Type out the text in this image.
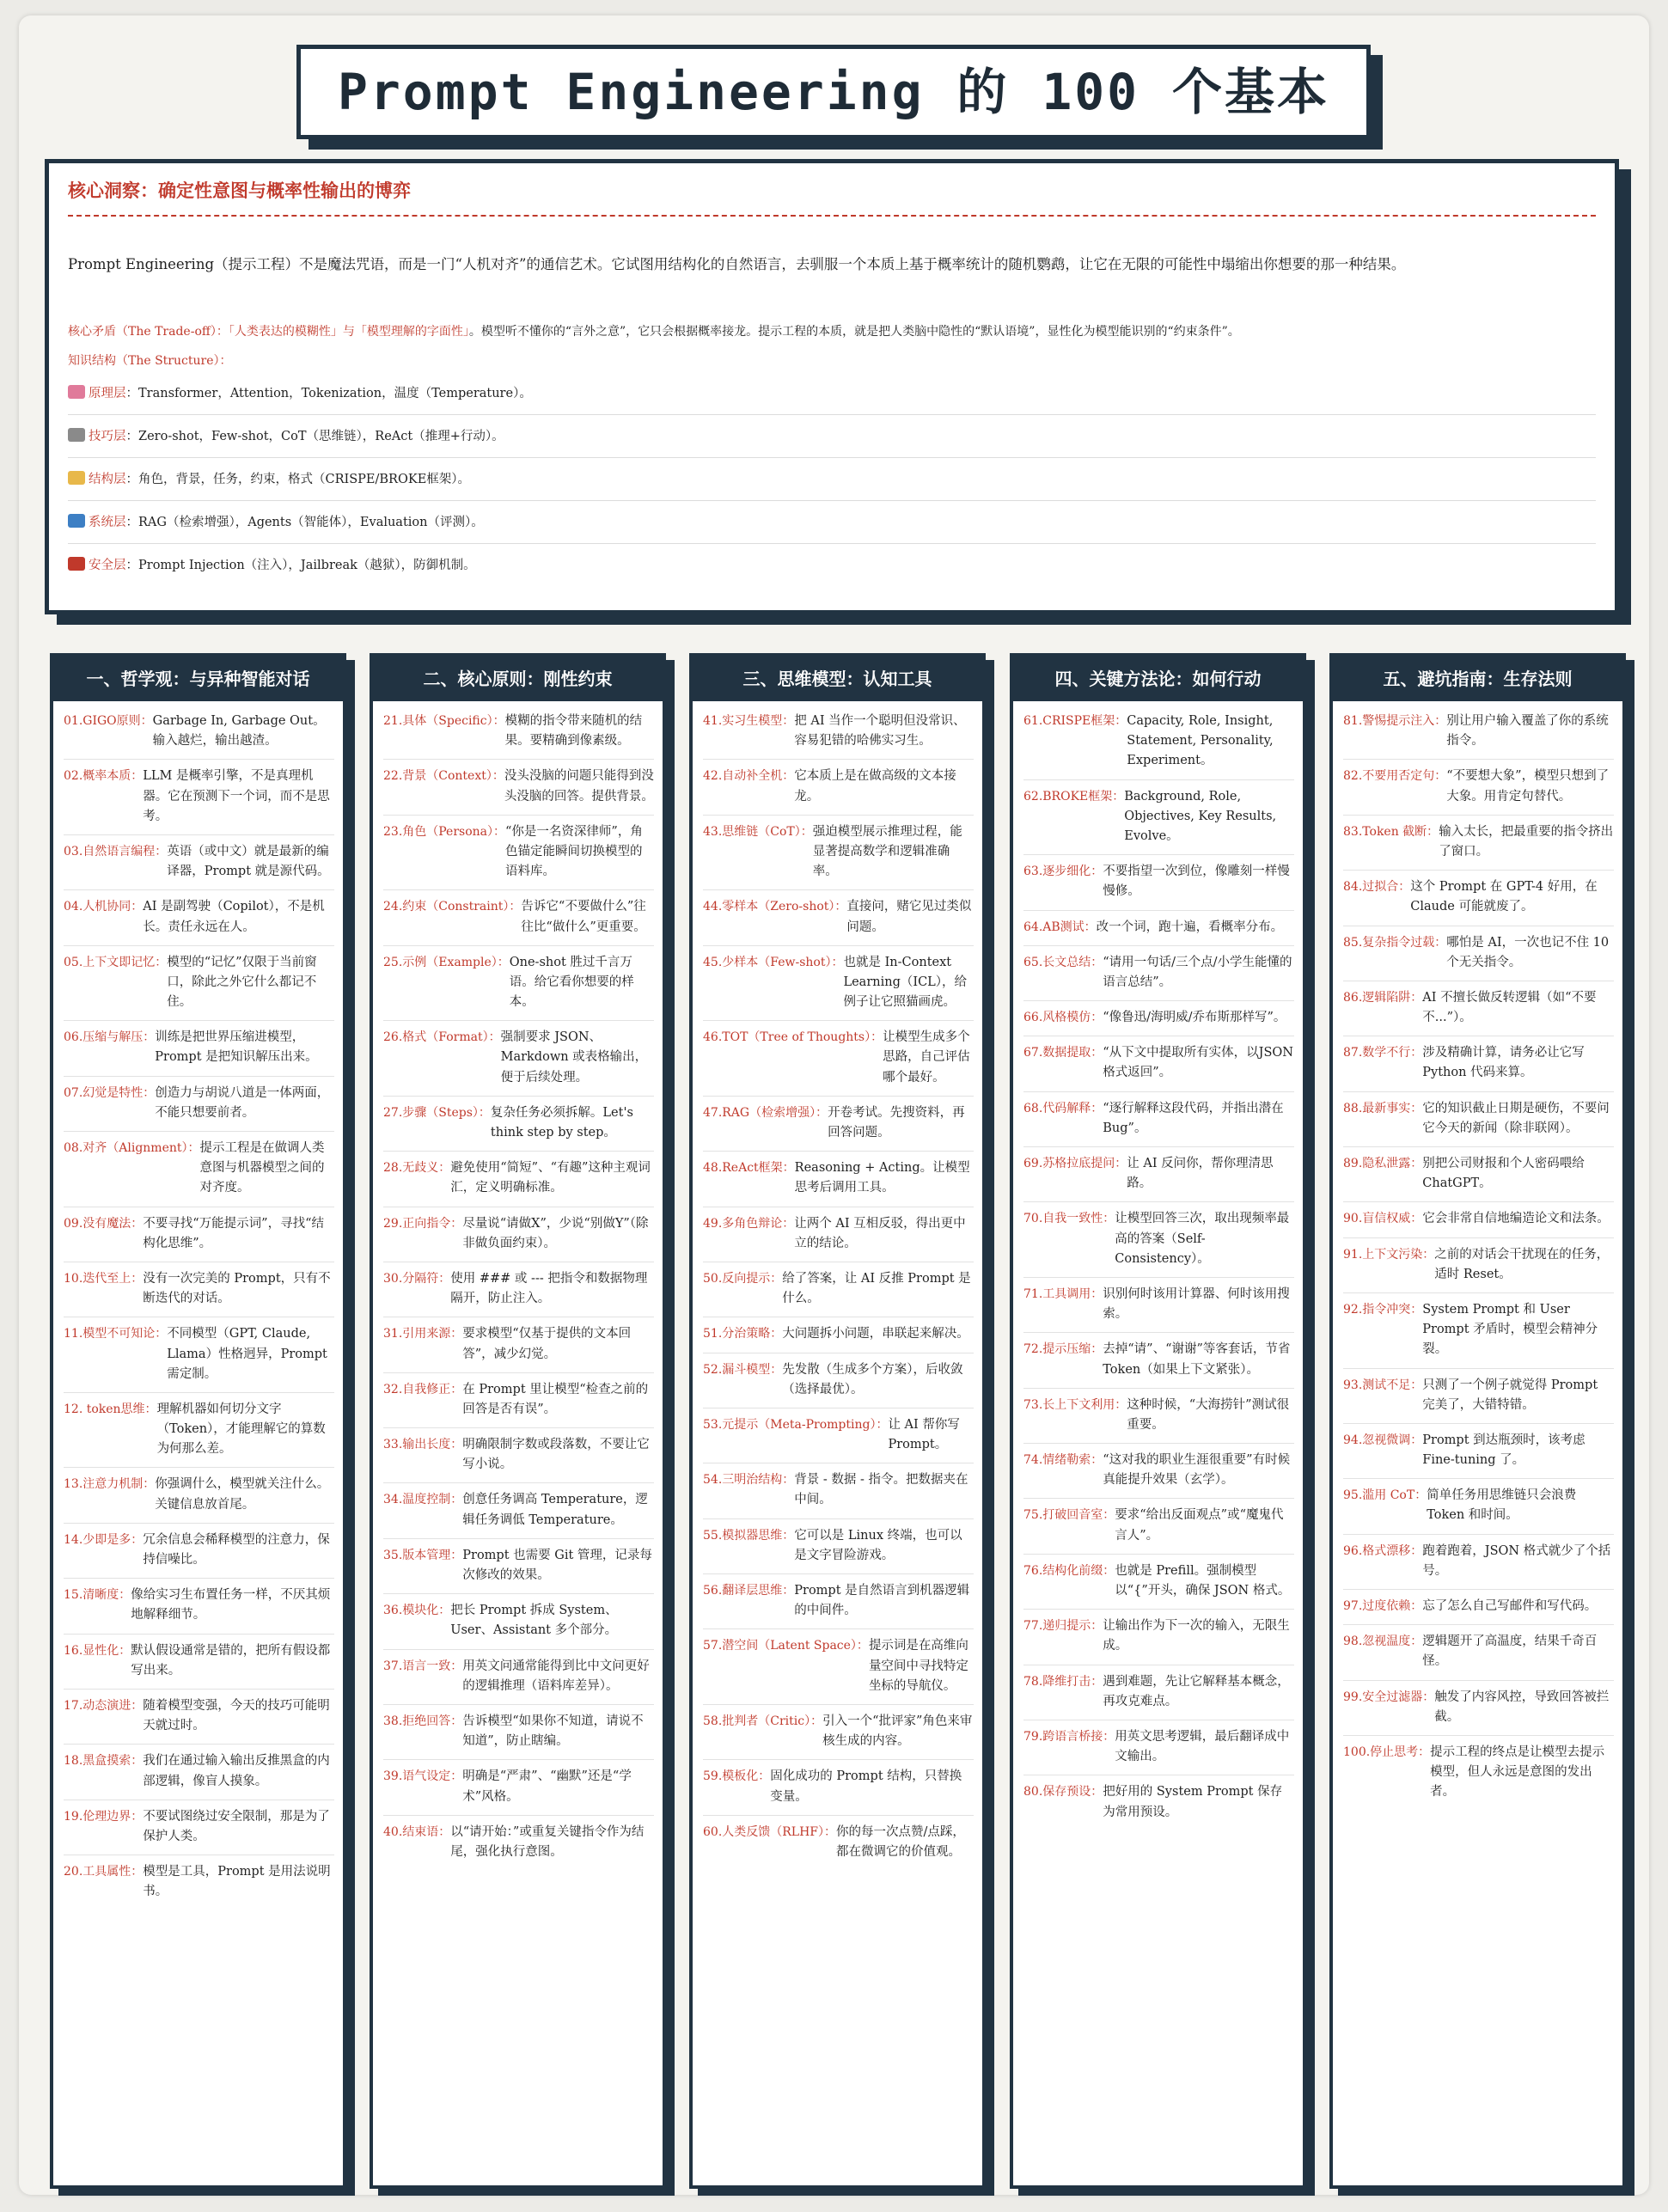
Prompt Engineering 的 100 个基本
核心洞察：确定性意图与概率性输出的博弈

Prompt Engineering（提示工程）不是魔法咒语，而是一门“人机对齐”的通信艺术。它试图用结构化的自然语言，去驯服一个本质上基于概率统计的随机鹦鹉，让它在无限的可能性中塌缩出你想要的那一种结果。

核心矛盾（The Trade-off）：「人类表达的模糊性」与「模型理解的字面性」。模型听不懂你的“言外之意”，它只会根据概率接龙。提示工程的本质，就是把人类脑中隐性的“默认语境”，显性化为模型能识别的“约束条件”。

知识结构（The Structure）：

原理层：Transformer，Attention，Tokenization，温度（Temperature）。
技巧层：Zero-shot，Few-shot，CoT（思维链），ReAct（推理+行动）。
结构层：角色，背景，任务，约束，格式（CRISPE/BROKE框架）。
系统层：RAG（检索增强），Agents（智能体），Evaluation（评测）。
安全层：Prompt Injection（注入），Jailbreak（越狱），防御机制。
一、哲学观：与异种智能对话
01.GIGO原则： Garbage In, Garbage Out。输入越烂，输出越渣。
02.概率本质： LLM 是概率引擎，不是真理机器。它在预测下一个词，而不是思考。
03.自然语言编程： 英语（或中文）就是最新的编译器，Prompt 就是源代码。
04.人机协同： AI 是副驾驶（Copilot），不是机长。责任永远在人。
05.上下文即记忆： 模型的“记忆”仅限于当前窗口，除此之外它什么都记不住。
06.压缩与解压： 训练是把世界压缩进模型，Prompt 是把知识解压出来。
07.幻觉是特性： 创造力与胡说八道是一体两面，不能只想要前者。
08.对齐（Alignment）： 提示工程是在做调人类意图与机器模型之间的对齐度。
09.没有魔法： 不要寻找“万能提示词”，寻找“结构化思维”。
10.迭代至上： 没有一次完美的 Prompt，只有不断迭代的对话。
11.模型不可知论： 不同模型（GPT, Claude, Llama）性格迥异，Prompt 需定制。
12. token思维： 理解机器如何切分文字（Token），才能理解它的算数为何那么差。
13.注意力机制： 你强调什么，模型就关注什么。关键信息放首尾。
14.少即是多： 冗余信息会稀释模型的注意力，保持信噪比。
15.清晰度： 像给实习生布置任务一样，不厌其烦地解释细节。
16.显性化： 默认假设通常是错的，把所有假设都写出来。
17.动态演进： 随着模型变强，今天的技巧可能明天就过时。
18.黑盒摸索： 我们在通过输入输出反推黑盒的内部逻辑，像盲人摸象。
19.伦理边界： 不要试图绕过安全限制，那是为了保护人类。
20.工具属性： 模型是工具，Prompt 是用法说明书。
二、核心原则：刚性约束
21.具体（Specific）： 模糊的指令带来随机的结果。要精确到像素级。
22.背景（Context）： 没头没脑的问题只能得到没头没脑的回答。提供背景。
23.角色（Persona）： “你是一名资深律师”，角色锚定能瞬间切换模型的语料库。
24.约束（Constraint）： 告诉它“不要做什么”往往比“做什么”更重要。
25.示例（Example）： One-shot 胜过千言万语。给它看你想要的样本。
26.格式（Format）： 强制要求 JSON、Markdown 或表格输出，便于后续处理。
27.步骤（Steps）： 复杂任务必须拆解。Let's think step by step。
28.无歧义： 避免使用“简短”、“有趣”这种主观词汇，定义明确标准。
29.正向指令： 尽量说“请做X”，少说“别做Y”（除非做负面约束）。
30.分隔符： 使用 ### 或 --- 把指令和数据物理隔开，防止注入。
31.引用来源： 要求模型“仅基于提供的文本回答”，减少幻觉。
32.自我修正： 在 Prompt 里让模型“检查之前的回答是否有误”。
33.输出长度： 明确限制字数或段落数，不要让它写小说。
34.温度控制： 创意任务调高 Temperature，逻辑任务调低 Temperature。
35.版本管理： Prompt 也需要 Git 管理，记录每次修改的效果。
36.模块化： 把长 Prompt 拆成 System、User、Assistant 多个部分。
37.语言一致： 用英文问通常能得到比中文问更好的逻辑推理（语料库差异）。
38.拒绝回答： 告诉模型“如果你不知道，请说不知道”，防止瞎编。
39.语气设定： 明确是“严肃”、“幽默”还是“学术”风格。
40.结束语： 以“请开始：”或重复关键指令作为结尾，强化执行意图。
三、思维模型：认知工具
41.实习生模型： 把 AI 当作一个聪明但没常识、容易犯错的哈佛实习生。
42.自动补全机： 它本质上是在做高级的文本接龙。
43.思维链（CoT）： 强迫模型展示推理过程，能显著提高数学和逻辑准确率。
44.零样本（Zero-shot）： 直接问，赌它见过类似问题。
45.少样本（Few-shot）： 也就是 In-Context Learning（ICL），给例子让它照猫画虎。
46.TOT（Tree of Thoughts）： 让模型生成多个思路，自己评估哪个最好。
47.RAG（检索增强）： 开卷考试。先搜资料，再回答问题。
48.ReAct框架： Reasoning + Acting。让模型思考后调用工具。
49.多角色辩论： 让两个 AI 互相反驳，得出更中立的结论。
50.反向提示： 给了答案，让 AI 反推 Prompt 是什么。
51.分治策略： 大问题拆小问题，串联起来解决。
52.漏斗模型： 先发散（生成多个方案），后收敛（选择最优）。
53.元提示（Meta-Prompting）： 让 AI 帮你写 Prompt。
54.三明治结构： 背景 - 数据 - 指令。把数据夹在中间。
55.模拟器思维： 它可以是 Linux 终端，也可以是文字冒险游戏。
56.翻译层思维： Prompt 是自然语言到机器逻辑的中间件。
57.潜空间（Latent Space）： 提示词是在高维向量空间中寻找特定坐标的导航仪。
58.批判者（Critic）： 引入一个“批评家”角色来审核生成的内容。
59.模板化： 固化成功的 Prompt 结构，只替换变量。
60.人类反馈（RLHF）： 你的每一次点赞/点踩，都在微调它的价值观。
四、关键方法论：如何行动
61.CRISPE框架： Capacity, Role, Insight, Statement, Personality, Experiment。
62.BROKE框架： Background, Role, Objectives, Key Results, Evolve。
63.逐步细化： 不要指望一次到位，像雕刻一样慢慢修。
64.AB测试： 改一个词，跑十遍，看概率分布。
65.长文总结： “请用一句话/三个点/小学生能懂的语言总结”。
66.风格模仿： “像鲁迅/海明威/乔布斯那样写”。
67.数据提取： “从下文中提取所有实体，以JSON格式返回”。
68.代码解释： “逐行解释这段代码，并指出潜在 Bug”。
69.苏格拉底提问： 让 AI 反问你，帮你理清思路。
70.自我一致性： 让模型回答三次，取出现频率最高的答案（Self-Consistency）。
71.工具调用： 识别何时该用计算器、何时该用搜索。
72.提示压缩： 去掉“请”、“谢谢”等客套话，节省 Token（如果上下文紧张）。
73.长上下文利用： 这种时候，“大海捞针”测试很重要。
74.情绪勒索： “这对我的职业生涯很重要”有时候真能提升效果（玄学）。
75.打破回音室： 要求“给出反面观点”或“魔鬼代言人”。
76.结构化前缀： 也就是 Prefill。强制模型以“{”开头，确保 JSON 格式。
77.递归提示： 让输出作为下一次的输入，无限生成。
78.降维打击： 遇到难题，先让它解释基本概念，再攻克难点。
79.跨语言桥接： 用英文思考逻辑，最后翻译成中文输出。
80.保存预设： 把好用的 System Prompt 保存为常用预设。
五、避坑指南：生存法则
81.警惕提示注入： 别让用户输入覆盖了你的系统指令。
82.不要用否定句： “不要想大象”，模型只想到了大象。用肯定句替代。
83.Token 截断： 输入太长，把最重要的指令挤出了窗口。
84.过拟合： 这个 Prompt 在 GPT-4 好用，在 Claude 可能就废了。
85.复杂指令过载： 哪怕是 AI，一次也记不住 10 个无关指令。
86.逻辑陷阱： AI 不擅长做反转逻辑（如“不要不...”）。
87.数学不行： 涉及精确计算，请务必让它写 Python 代码来算。
88.最新事实： 它的知识截止日期是硬伤，不要问它今天的新闻（除非联网）。
89.隐私泄露： 别把公司财报和个人密码喂给 ChatGPT。
90.盲信权威： 它会非常自信地编造论文和法条。
91.上下文污染： 之前的对话会干扰现在的任务，适时 Reset。
92.指令冲突： System Prompt 和 User Prompt 矛盾时，模型会精神分裂。
93.测试不足： 只测了一个例子就觉得 Prompt 完美了，大错特错。
94.忽视微调： Prompt 到达瓶颈时，该考虑 Fine-tuning 了。
95.滥用 CoT： 简单任务用思维链只会浪费 Token 和时间。
96.格式漂移： 跑着跑着，JSON 格式就少了个括号。
97.过度依赖： 忘了怎么自己写邮件和写代码。
98.忽视温度： 逻辑题开了高温度，结果千奇百怪。
99.安全过滤器： 触发了内容风控，导致回答被拦截。
100.停止思考： 提示工程的终点是让模型去提示模型，但人永远是意图的发出者。
